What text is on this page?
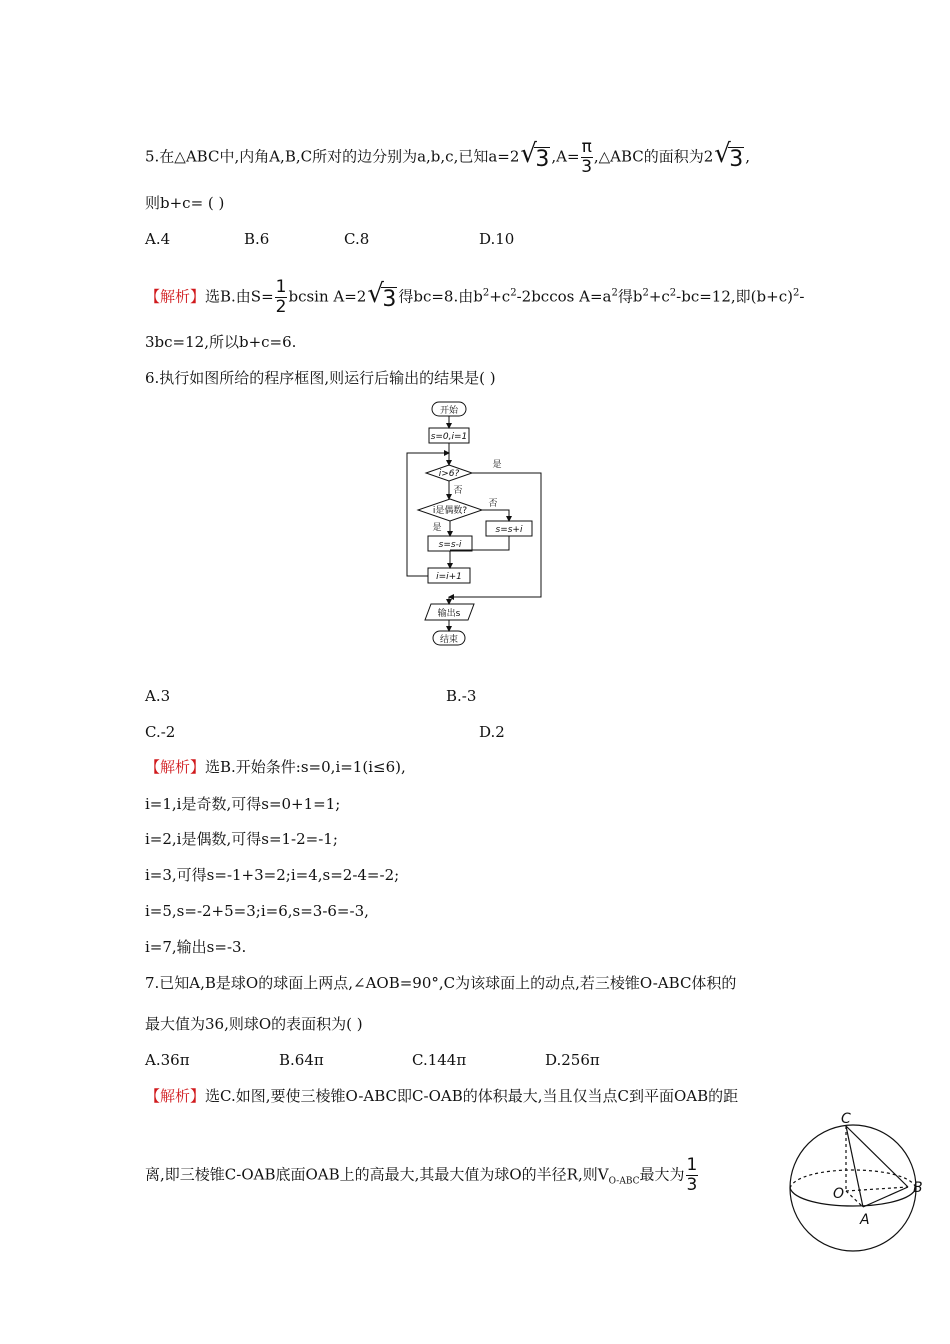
5.在△ABC中,内角A,B,C所对的边分别为a,b,c,已知a=2 √
3 $,A= \frac{\pi}{3}$ ,△ABC的面积为2 √
3 ,
则b+c= ( )
A.4	B.6	C.8	D.10
【解析】选B.由$S= \frac{1}{2}$ bcsin A=2 √
3 得bc=8.由$b^2+c^2-2bccos$ $A=a^2$得$b^2+c^2-bc=12$,即$(b+c)^2-$
3bc=12,所以b+c=6.
6.执行如图所给的程序框图,则运行后输出的结果是( )
开始
s=0,i=1
i>6?
是
否
i是偶数?
是
否
s=s+i
s=s-i
i=i+1
输出s
结束
A.3	B.-3
C.-2	D.2
【解析】选B.开始条件:s=0,i=1(i≤6),
i=1,i是奇数,可得s=0+1=1;
i=2,i是偶数,可得s=1-2=-1;
i=3,可得s=-1+3=2;i=4,s=2-4=-2;
i=5,s=-2+5=3;i=6,s=3-6=-3,
i=7,输出s=-3.
7.已知A,B是球O的球面上两点,∠AOB=90°,C为该球面上的动点,若三棱锥O-ABC体积的
最大值为36,则球O的表面积为( )
A.36π	B.64π	C.144π	D.256π
【解析】选C.如图,要使三棱锥O-ABC即C-OAB的体积最大,当且仅当点C到平面OAB的距
离,即三棱锥C-OAB底面OAB上的高最大,其最大值为球O的半径R,则$V_{O-ABC}$最大为 $\frac{1}{3}$
C
O
A
B
